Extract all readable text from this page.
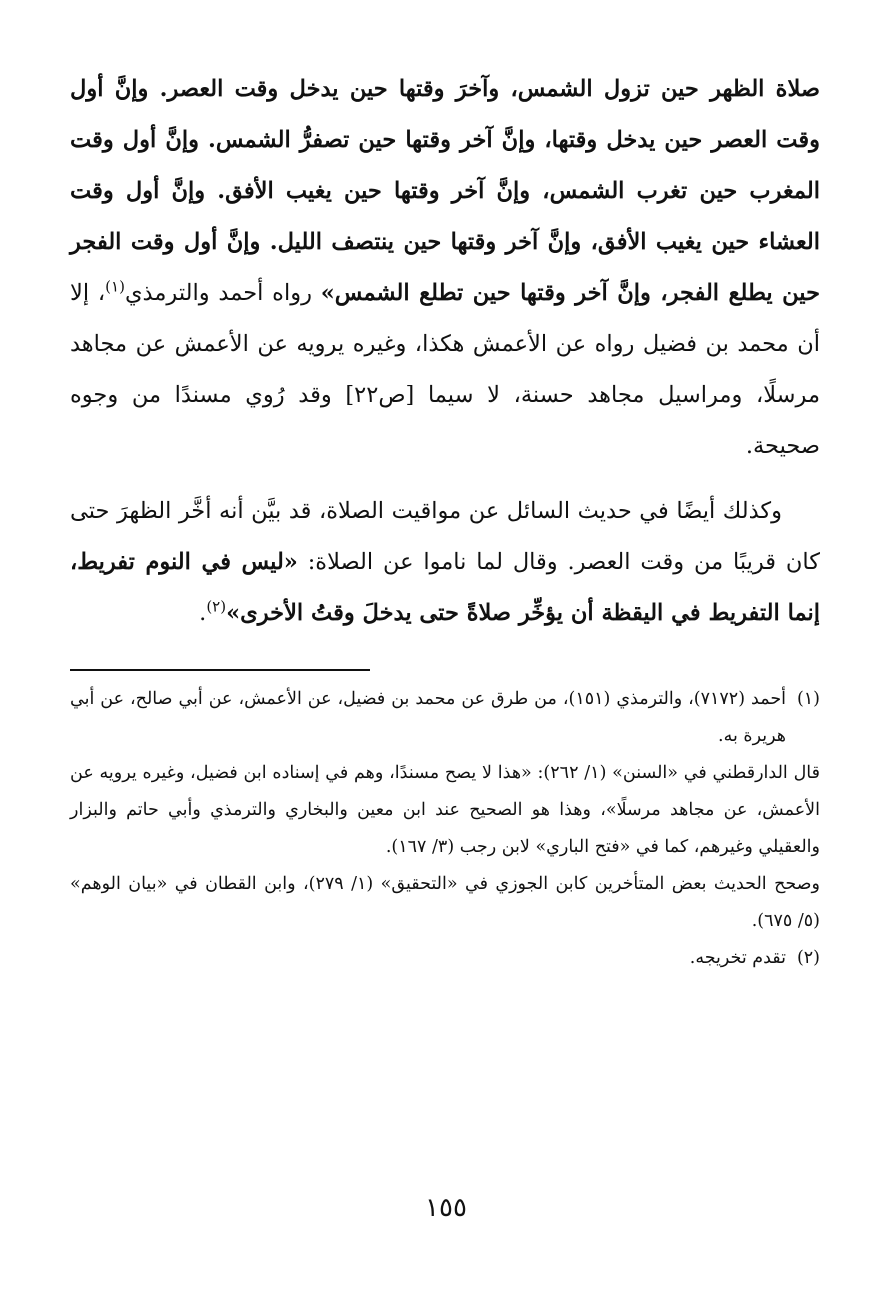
صلاة الظهر حين تزول الشمس، وآخرَ وقتها حين يدخل وقت العصر. وإنَّ أول وقت العصر حين يدخل وقتها، وإنَّ آخر وقتها حين تصفرُّ الشمس. وإنَّ أول وقت المغرب حين تغرب الشمس، وإنَّ آخر وقتها حين يغيب الأفق. وإنَّ أول وقت العشاء حين يغيب الأفق، وإنَّ آخر وقتها حين ينتصف الليل. وإنَّ أول وقت الفجر حين يطلع الفجر، وإنَّ آخر وقتها حين تطلع الشمس» رواه أحمد والترمذي$^{(١)}$، إلا أن محمد بن فضيل رواه عن الأعمش هكذا، وغيره يرويه عن الأعمش عن مجاهد مرسلًا، ومراسيل مجاهد حسنة، لا سيما [ص٢٢] وقد رُوي مسندًا من وجوه صحيحة.

وكذلك أيضًا في حديث السائل عن مواقيت الصلاة، قد بيَّن أنه أخَّر الظهرَ حتى كان قريبًا من وقت العصر. وقال لما ناموا عن الصلاة: «ليس في النوم تفريط، إنما التفريط في اليقظة أن يؤخِّر صلاةً حتى يدخلَ وقتُ الأخرى»$^{(٢)}$.

(١)

أحمد (٧١٧٢)، والترمذي (١٥١)، من طرق عن محمد بن فضيل، عن الأعمش، عن أبي صالح، عن أبي هريرة به.

قال الدارقطني في «السنن» (١/ ٢٦٢): «هذا لا يصح مسندًا، وهم في إسناده ابن فضيل، وغيره يرويه عن الأعمش، عن مجاهد مرسلًا»، وهذا هو الصحيح عند ابن معين والبخاري والترمذي وأبي حاتم والبزار والعقيلي وغيرهم، كما في «فتح الباري» لابن رجب (٣/ ١٦٧).

وصحح الحديث بعض المتأخرين كابن الجوزي في «التحقيق» (١/ ٢٧٩)، وابن القطان في «بيان الوهم» (٥/ ٦٧٥).

(٢)

تقدم تخريجه.

١٥٥
